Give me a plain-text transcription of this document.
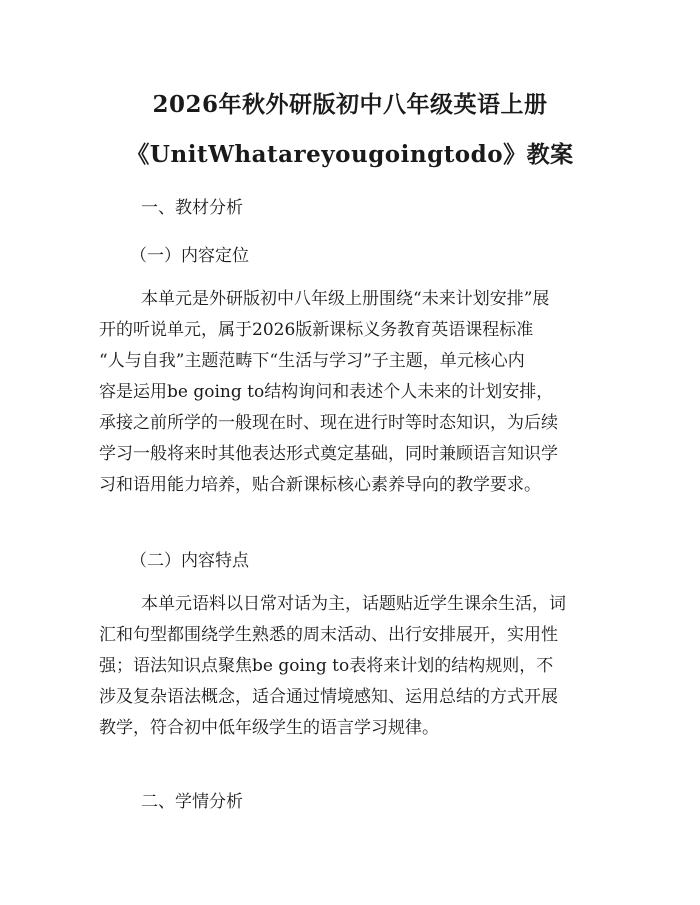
2026年秋外研版初中八年级英语上册
《UnitWhatareyougoingtodo》教案
一、教材分析
（一）内容定位
本单元是外研版初中八年级上册围绕“未来计划安排”展
开的听说单元，属于2026版新课标义务教育英语课程标准
“人与自我”主题范畴下“生活与学习”子主题，单元核心内
容是运用be going to结构询问和表述个人未来的计划安排，
承接之前所学的一般现在时、现在进行时等时态知识，为后续
学习一般将来时其他表达形式奠定基础，同时兼顾语言知识学
习和语用能力培养，贴合新课标核心素养导向的教学要求。
（二）内容特点
本单元语料以日常对话为主，话题贴近学生课余生活，词
汇和句型都围绕学生熟悉的周末活动、出行安排展开，实用性
强；语法知识点聚焦be going to表将来计划的结构规则，不
涉及复杂语法概念，适合通过情境感知、运用总结的方式开展
教学，符合初中低年级学生的语言学习规律。
二、学情分析
